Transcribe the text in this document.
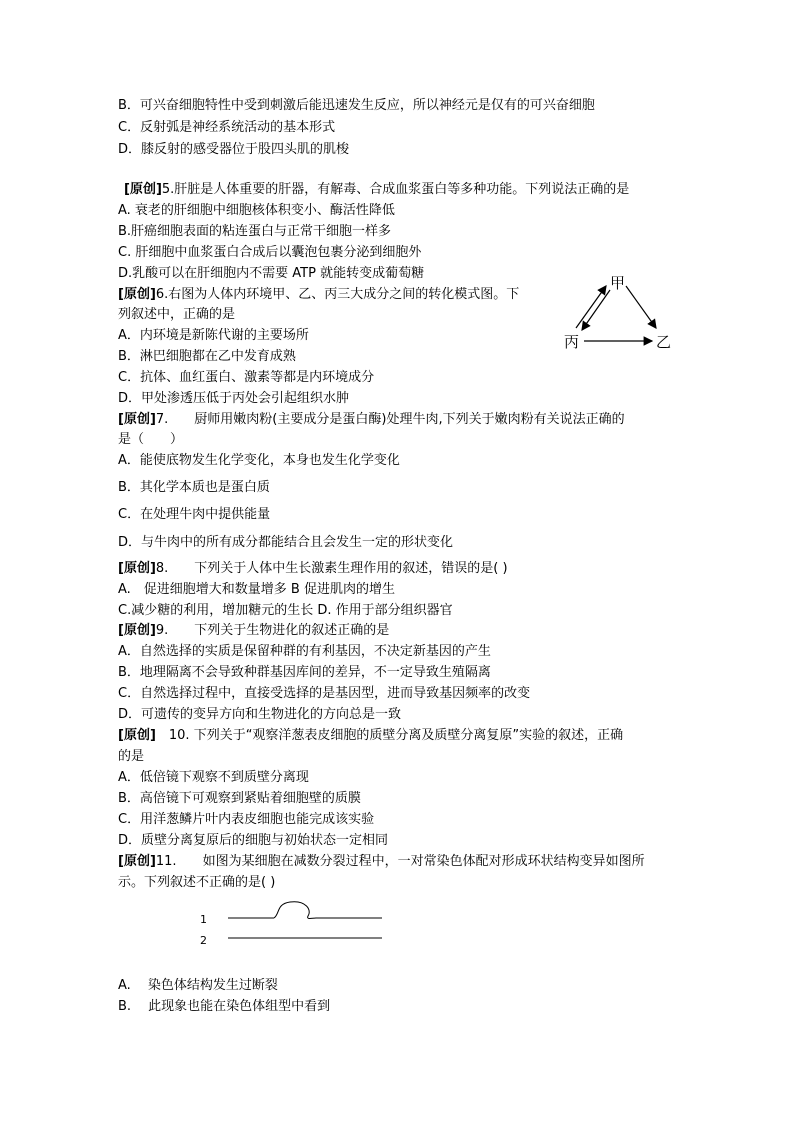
B．可兴奋细胞特性中受到刺激后能迅速发生反应，所以神经元是仅有的可兴奋细胞
C．反射弧是神经系统活动的基本形式
D．膝反射的感受器位于股四头肌的肌梭
[原创]5.肝脏是人体重要的肝器，有解毒、合成血浆蛋白等多种功能。下列说法正确的是
A. 衰老的肝细胞中细胞核体积变小、酶活性降低
B.肝癌细胞表面的粘连蛋白与正常干细胞一样多
C. 肝细胞中血浆蛋白合成后以囊泡包裹分泌到细胞外
D.乳酸可以在肝细胞内不需要 ATP 就能转变成葡萄糖
[原创]6.右图为人体内环境甲、乙、丙三大成分之间的转化模式图。下
列叙述中，正确的是
A．内环境是新陈代谢的主要场所
B．淋巴细胞都在乙中发育成熟
C．抗体、血红蛋白、激素等都是内环境成分
D．甲处渗透压低于丙处会引起组织水肿
甲
丙	乙
[原创]7.　　厨师用嫩肉粉(主要成分是蛋白酶)处理牛肉,下列关于嫩肉粉有关说法正确的
是（　　）
A．能使底物发生化学变化，本身也发生化学变化
B．其化学本质也是蛋白质
C．在处理牛肉中提供能量
D．与牛肉中的所有成分都能结合且会发生一定的形状变化
[原创]8.　　下列关于人体中生长激素生理作用的叙述，错误的是( )
A.　促进细胞增大和数量增多 B 促进肌肉的增生
C.减少糖的利用，增加糖元的生长 D. 作用于部分组织器官
[原创]9.　　下列关于生物进化的叙述正确的是
A．自然选择的实质是保留种群的有利基因，不决定新基因的产生
B．地理隔离不会导致种群基因库间的差异，不一定导致生殖隔离
C．自然选择过程中，直接受选择的是基因型，进而导致基因频率的改变
D．可遗传的变异方向和生物进化的方向总是一致
[原创]　10. 下列关于“观察洋葱表皮细胞的质壁分离及质壁分离复原”实验的叙述，正确
的是
A．低倍镜下观察不到质壁分离现
B．高倍镜下可观察到紧贴着细胞壁的质膜
C．用洋葱鳞片叶内表皮细胞也能完成该实验
D．质壁分离复原后的细胞与初始状态一定相同
[原创]11.　　如图为某细胞在减数分裂过程中，一对常染色体配对形成环状结构变异如图所
示。下列叙述不正确的是( )
1
2
A.　 染色体结构发生过断裂
B.　 此现象也能在染色体组型中看到
